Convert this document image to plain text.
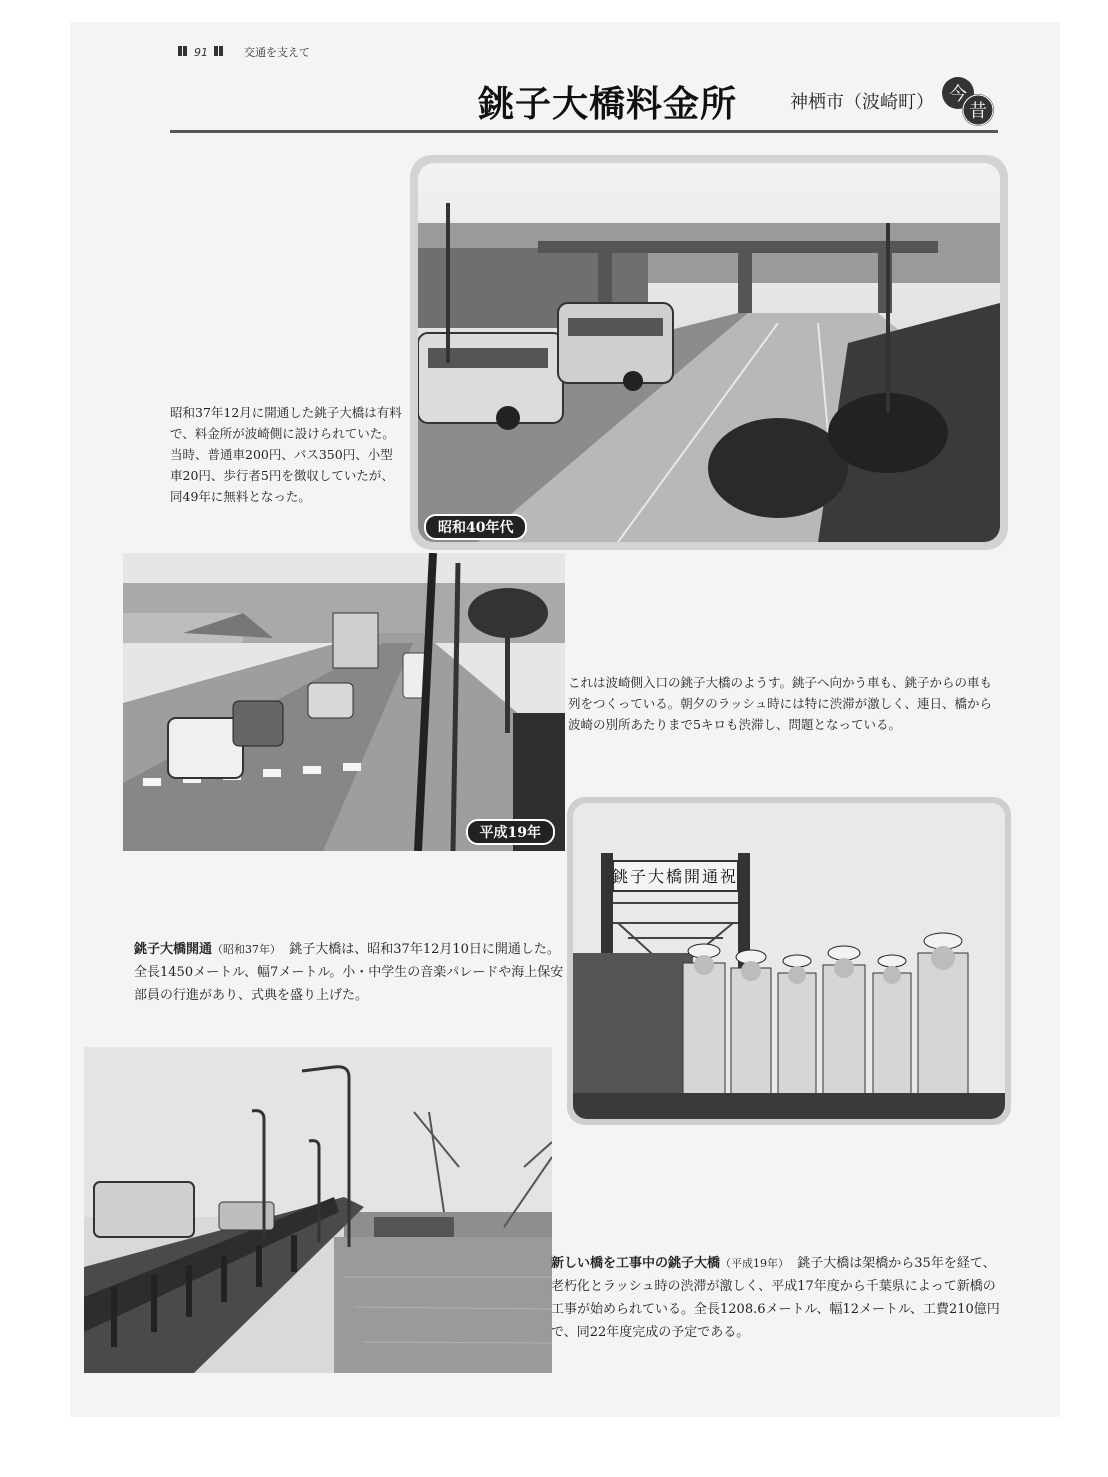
91	交通を支えて
銚子大橋料金所	神栖市（波崎町） 今
昔
昭和40年代
平成19年
銚子大橋開通祝
昭和37年12月に開通した銚子大橋は有料で、料金所が波崎側に設けられていた。当時、普通車200円、バス350円、小型車20円、歩行者5円を徴収していたが、同49年に無料となった。
これは波崎側入口の銚子大橋のようす。銚子へ向かう車も、銚子からの車も列をつくっている。朝夕のラッシュ時には特に渋滞が激しく、連日、橋から波崎の別所あたりまで5キロも渋滞し、問題となっている。
銚子大橋開通（昭和37年） 銚子大橋は、昭和37年12月10日に開通した。全長1450メートル、幅7メートル。小・中学生の音楽パレードや海上保安部員の行進があり、式典を盛り上げた。
新しい橋を工事中の銚子大橋（平成19年） 銚子大橋は架橋から35年を経て、老朽化とラッシュ時の渋滞が激しく、平成17年度から千葉県によって新橋の工事が始められている。全長1208.6メートル、幅12メートル、工費210億円で、同22年度完成の予定である。
